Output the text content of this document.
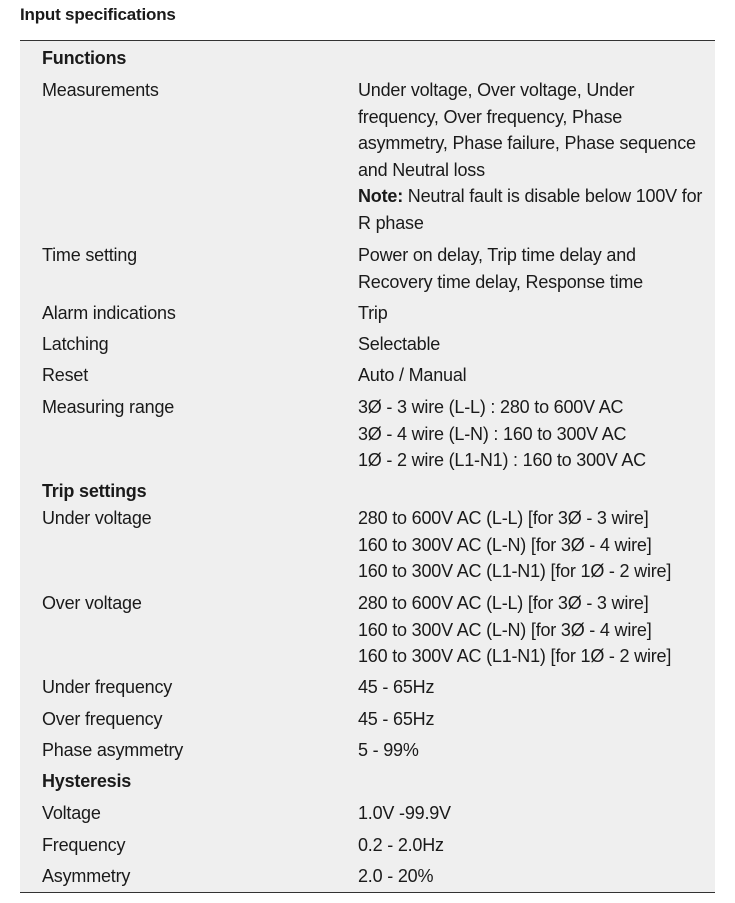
Input specifications
Functions
Measurements	Under voltage, Over voltage, Under
frequency, Over frequency, Phase
asymmetry, Phase failure, Phase sequence
and Neutral loss
Note: Neutral fault is disable below 100V for
R phase
Time setting	Power on delay, Trip time delay and
Recovery time delay, Response time
Alarm indications	Trip
Latching	Selectable
Reset	Auto / Manual
Measuring range	3Ø - 3 wire (L-L) : 280 to 600V AC
3Ø - 4 wire (L-N) : 160 to 300V AC
1Ø - 2 wire (L1-N1) : 160 to 300V AC
Trip settings
Under voltage	280 to 600V AC (L-L) [for 3Ø - 3 wire]
160 to 300V AC (L-N) [for 3Ø - 4 wire]
160 to 300V AC (L1-N1) [for 1Ø - 2 wire]
Over voltage	280 to 600V AC (L-L) [for 3Ø - 3 wire]
160 to 300V AC (L-N) [for 3Ø - 4 wire]
160 to 300V AC (L1-N1) [for 1Ø - 2 wire]
Under frequency	45 - 65Hz
Over frequency	45 - 65Hz
Phase asymmetry	5 - 99%
Hysteresis
Voltage	1.0V -99.9V
Frequency	0.2 - 2.0Hz
Asymmetry	2.0 - 20%
